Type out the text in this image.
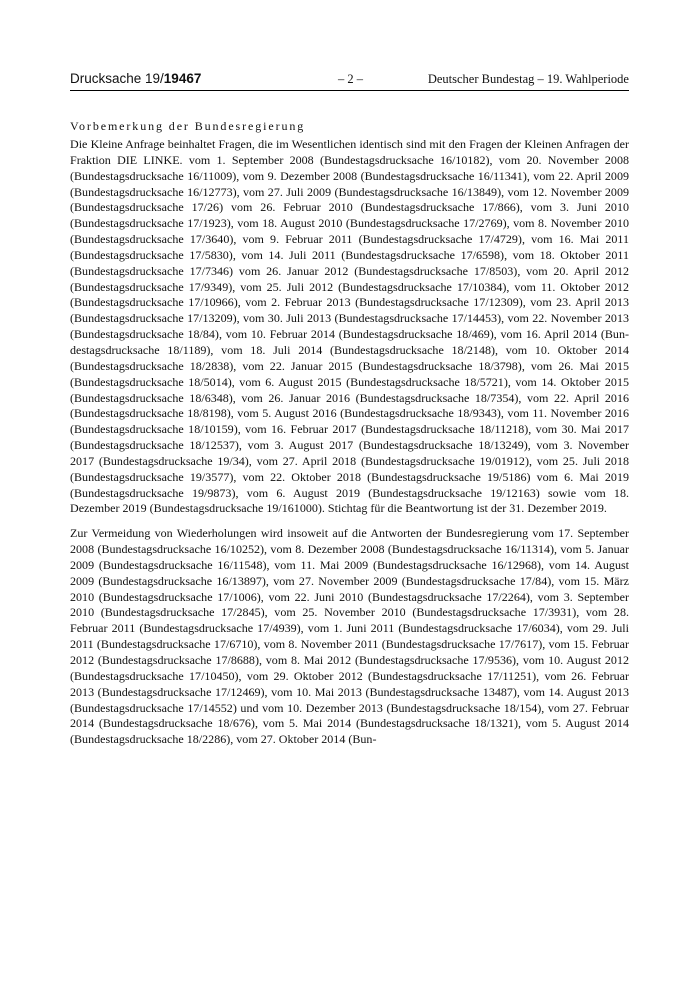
Drucksache 19/19467	– 2 –	Deutscher Bundestag – 19. Wahlperiode
Vorbemerkung der Bundesregierung

Die Kleine Anfrage beinhaltet Fragen, die im Wesentlichen identisch sind mit den Fragen der Kleinen Anfragen der Fraktion DIE LINKE. vom 1. September 2008 (Bundestagsdrucksache 16/10182), vom 20. November 2008 (Bundestagsdrucksache 16/11009), vom 9. Dezember 2008 (Bundestagsdrucksache 16/11341), vom 22. April 2009 (Bundestagsdrucksache 16/12773), vom 27. Juli 2009 (Bundestagsdrucksache 16/13849), vom 12. November 2009 (Bundestagsdrucksache 17/26) vom 26. Februar 2010 (Bundestagsdrucksache 17/866), vom 3. Juni 2010 (Bundestagsdrucksache 17/1923), vom 18. August 2010 (Bundestagsdrucksache 17/2769), vom 8. November 2010 (Bundestagsdrucksache 17/3640), vom 9. Februar 2011 (Bundestagsdrucksache 17/4729), vom 16. Mai 2011 (Bundestagsdrucksache 17/5830), vom 14. Juli 2011 (Bundestagsdrucksache 17/6598), vom 18. Oktober 2011 (Bundestagsdrucksache 17/7346) vom 26. Januar 2012 (Bundestagsdrucksache 17/8503), vom 20. April 2012 (Bundestagsdrucksache 17/9349), vom 25. Juli 2012 (Bundestagsdrucksache 17/10384), vom 11. Oktober 2012 (Bundestagsdrucksache 17/10966), vom 2. Februar 2013 (Bundestagsdrucksache 17/12309), vom 23. April 2013 (Bundestagsdrucksache 17/13209), vom 30. Juli 2013 (Bundestagsdrucksache 17/14453), vom 22. November 2013 (Bundestagsdrucksache 18/84), vom 10. Februar 2014 (Bundestagsdrucksache 18/469), vom 16. April 2014 (Bundestagsdrucksache 18/1189), vom 18. Juli 2014 (Bundestagsdrucksache 18/2148), vom 10. Oktober 2014 (Bundestagsdrucksache 18/2838), vom 22. Januar 2015 (Bundestagsdrucksache 18/3798), vom 26. Mai 2015 (Bundestagsdrucksache 18/5014), vom 6. August 2015 (Bundestagsdrucksache 18/5721), vom 14. Oktober 2015 (Bundestagsdrucksache 18/6348), vom 26. Januar 2016 (Bundestagsdrucksache 18/7354), vom 22. April 2016 (Bundestagsdrucksache 18/8198), vom 5. August 2016 (Bundestagsdrucksache 18/9343), vom 11. November 2016 (Bundestagsdrucksache 18/10159), vom 16. Februar 2017 (Bundestagsdrucksache 18/11218), vom 30. Mai 2017 (Bundestagsdrucksache 18/12537), vom 3. August 2017 (Bundestagsdrucksache 18/13249), vom 3. November 2017 (Bundestagsdrucksache 19/34), vom 27. April 2018 (Bundestagsdrucksache 19/01912), vom 25. Juli 2018 (Bundestagsdrucksache 19/3577), vom 22. Oktober 2018 (Bundestagsdrucksache 19/5186) vom 6. Mai 2019 (Bundestagsdrucksache 19/9873), vom 6. August 2019 (Bundestagsdrucksache 19/12163) sowie vom 18. Dezember 2019 (Bundestagsdrucksache 19/161000). Stichtag für die Beantwortung ist der 31. Dezember 2019.

Zur Vermeidung von Wiederholungen wird insoweit auf die Antworten der Bundesregierung vom 17. September 2008 (Bundestagsdrucksache 16/10252), vom 8. Dezember 2008 (Bundestagsdrucksache 16/11314), vom 5. Januar 2009 (Bundestagsdrucksache 16/11548), vom 11. Mai 2009 (Bundestagsdrucksache 16/12968), vom 14. August 2009 (Bundestagsdrucksache 16/13897), vom 27. November 2009 (Bundestagsdrucksache 17/84), vom 15. März 2010 (Bundestagsdrucksache 17/1006), vom 22. Juni 2010 (Bundestagsdrucksache 17/2264), vom 3. September 2010 (Bundestagsdrucksache 17/2845), vom 25. November 2010 (Bundestagsdrucksache 17/3931), vom 28. Februar 2011 (Bundestagsdrucksache 17/4939), vom 1. Juni 2011 (Bundestagsdrucksache 17/6034), vom 29. Juli 2011 (Bundestagsdrucksache 17/6710), vom 8. November 2011 (Bundestagsdrucksache 17/7617), vom 15. Februar 2012 (Bundestagsdrucksache 17/8688), vom 8. Mai 2012 (Bundestagsdrucksache 17/9536), vom 10. August 2012 (Bundestagsdrucksache 17/10450), vom 29. Oktober 2012 (Bundestagsdrucksache 17/11251), vom 26. Februar 2013 (Bundestagsdrucksache 17/12469), vom 10. Mai 2013 (Bundestagsdrucksache 13487), vom 14. August 2013 (Bundestagsdrucksache 17/14552) und vom 10. Dezember 2013 (Bundestagsdrucksache 18/154), vom 27. Februar 2014 (Bundestagsdrucksache 18/676), vom 5. Mai 2014 (Bundestagsdrucksache 18/1321), vom 5. August 2014 (Bundestagsdrucksache 18/2286), vom 27. Oktober 2014 (Bun-
